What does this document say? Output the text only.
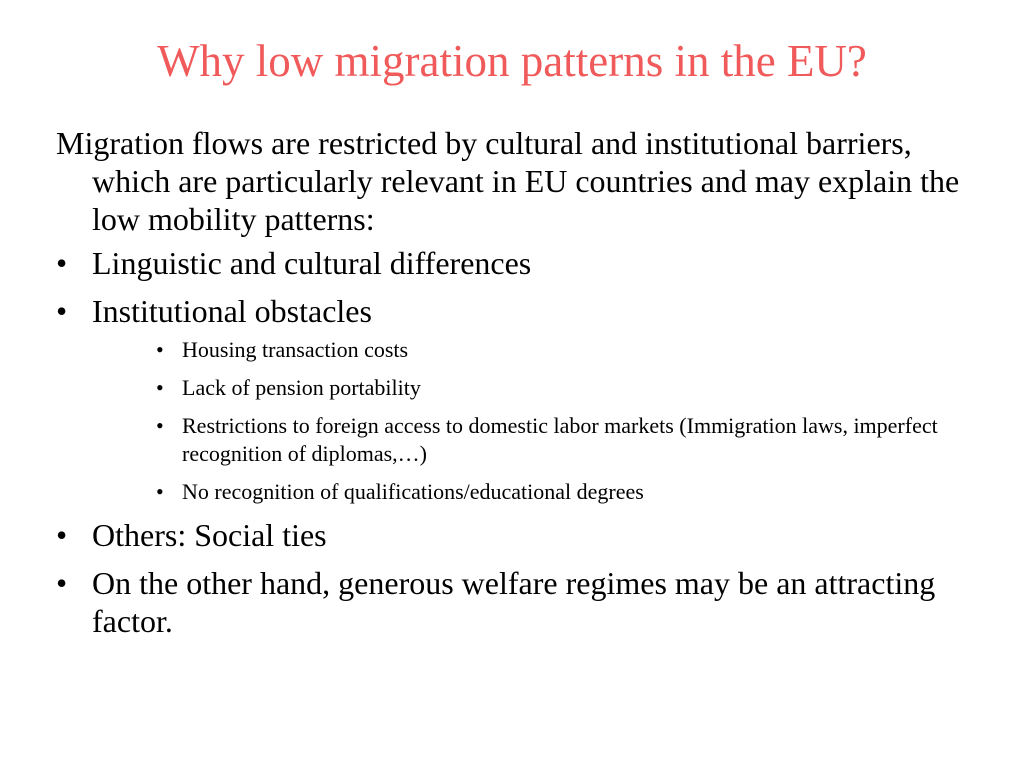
Why low migration patterns in the EU?

Migration flows are restricted by cultural and institutional barriers, which are particularly relevant in EU countries and may explain the low mobility patterns:

• Linguistic and cultural differences
• Institutional obstacles
• Housing transaction costs
• Lack of pension portability
• Restrictions to foreign access to domestic labor markets (Immigration laws, imperfect recognition of diplomas,…)
• No recognition of qualifications/educational degrees
• Others: Social ties
• On the other hand, generous welfare regimes may be an attracting factor.
